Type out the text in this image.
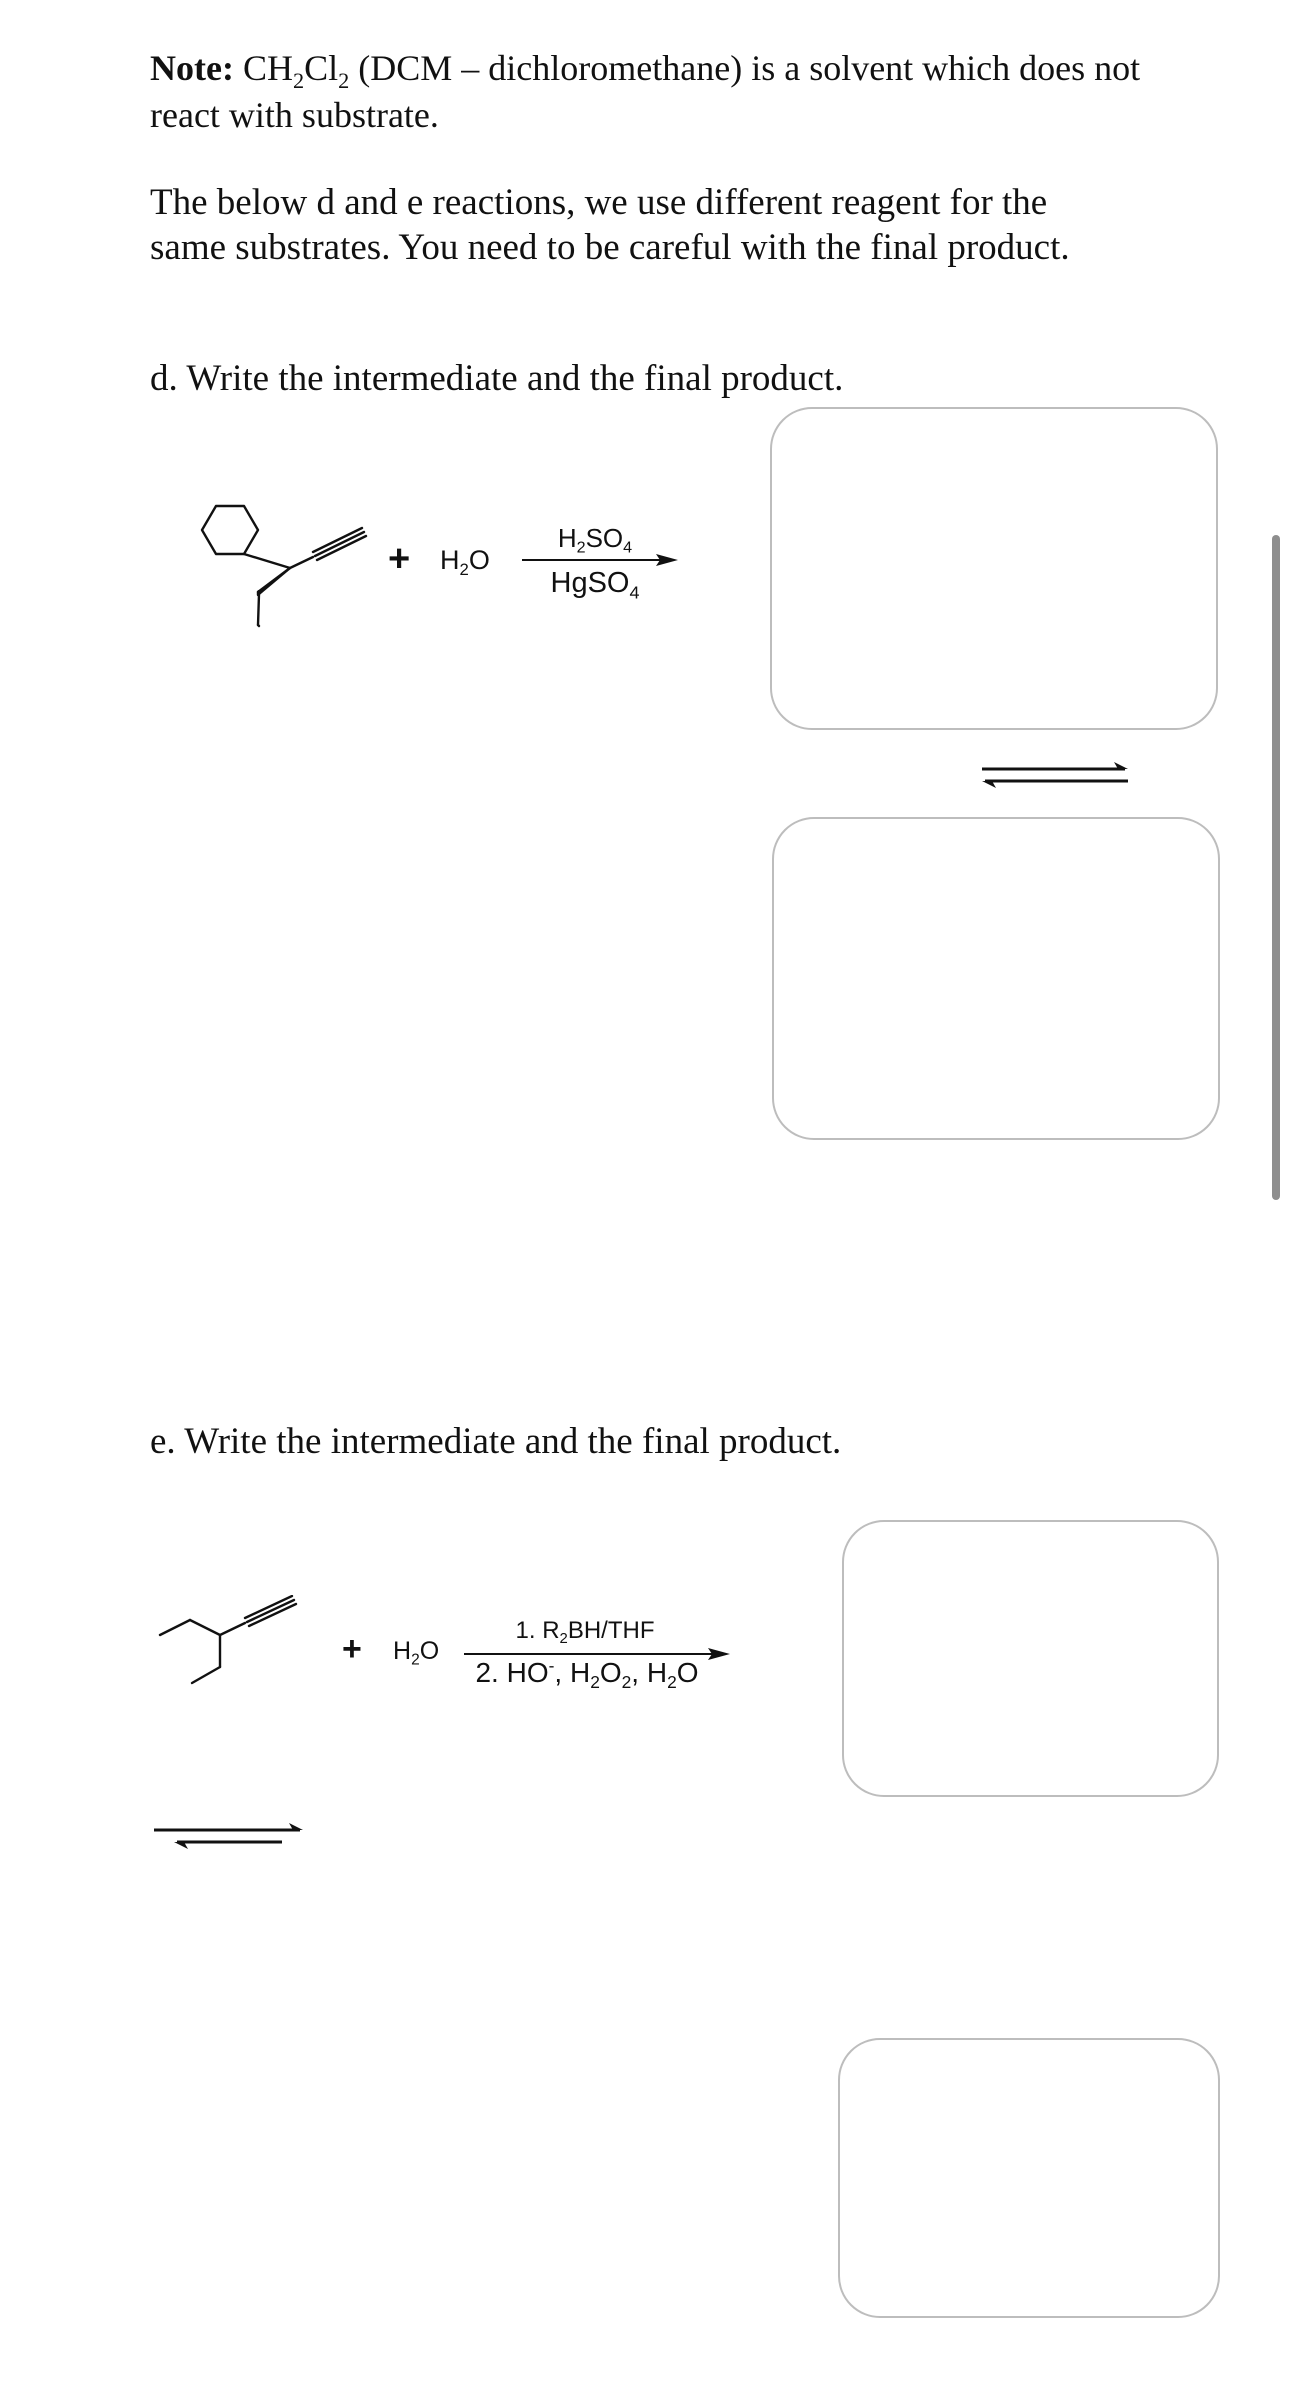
Note: $CH_2Cl_2$ (DCM – dichloromethane) is a solvent which does not
react with substrate.
The below d and e reactions, we use different reagent for the
same substrates. You need to be careful with the final product.
d. Write the intermediate and the final product.
+ $H_2O$
$H_2SO_4$
HgSO$_4$
e. Write the intermediate and the final product.
+ $H_2O$
1. $R_2BH$/THF
2. HO-, $H_2O_2$, $H_2O$
